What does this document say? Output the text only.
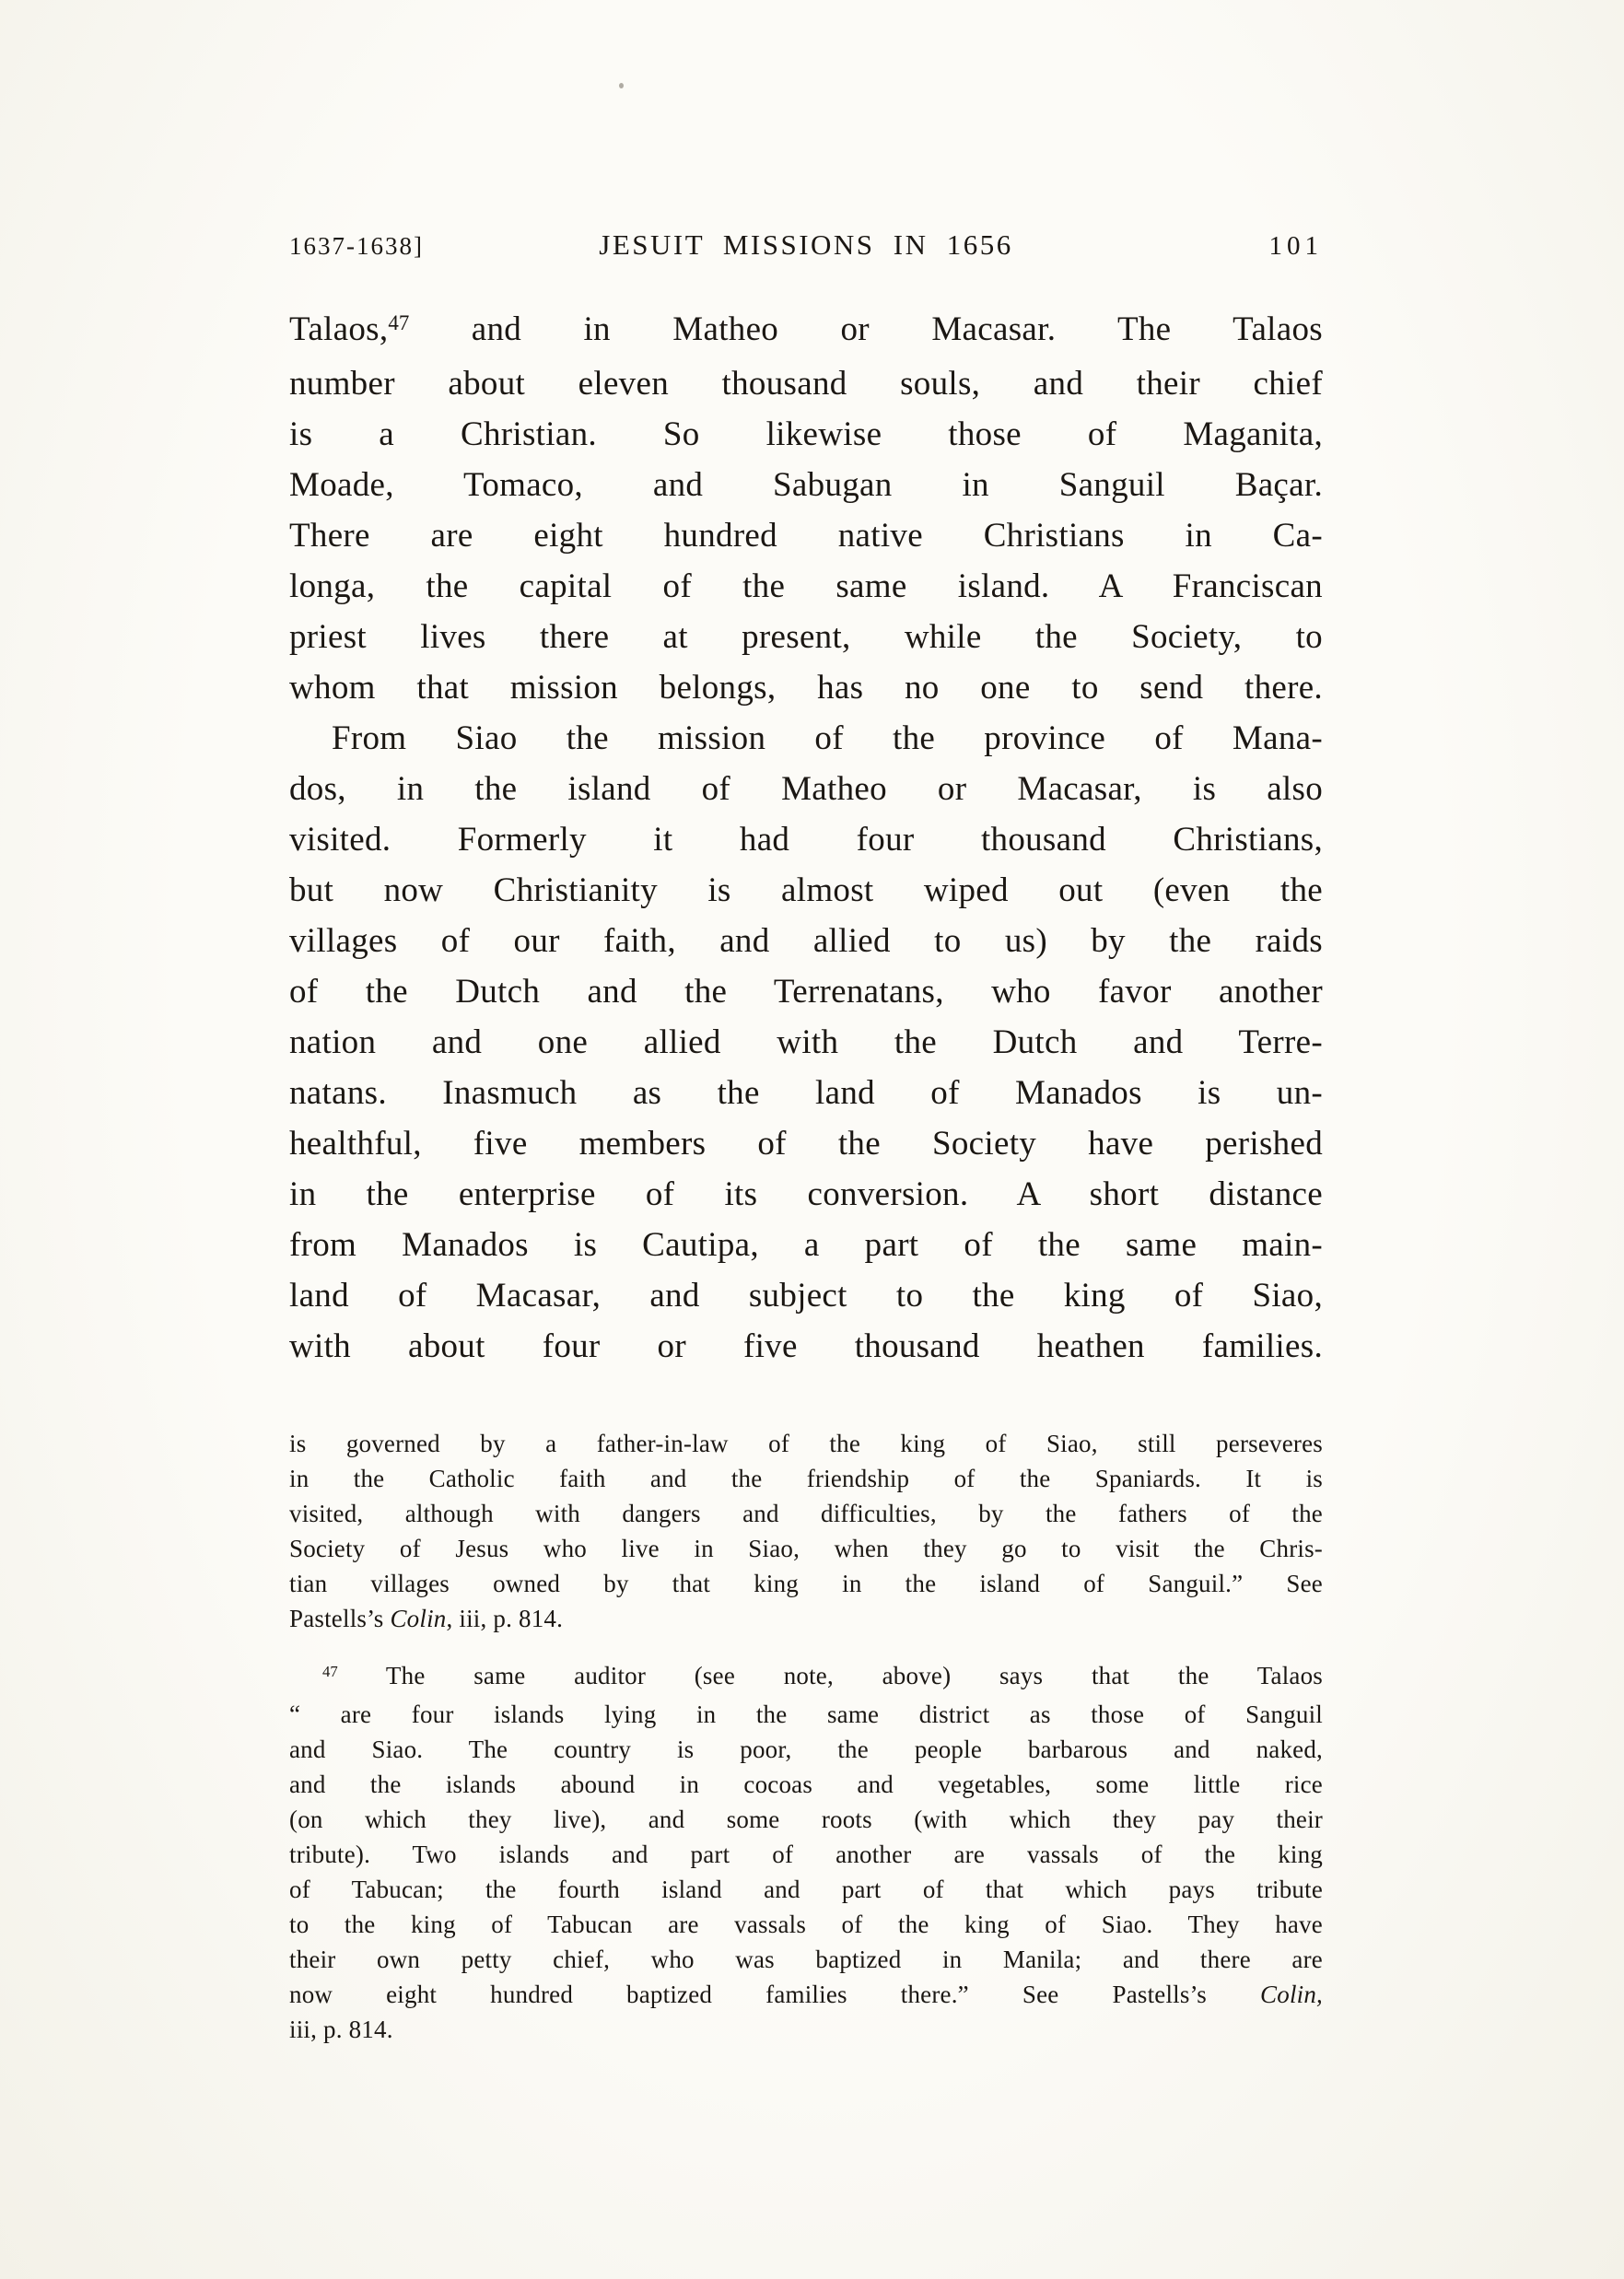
1637-1638]	JESUIT MISSIONS IN 1656	101
Talaos,$^{47}$ and in Matheo or Macasar. The Talaos
number about eleven thousand souls, and their chief
is a Christian. So likewise those of Maganita,
Moade, Tomaco, and Sabugan in Sanguil Baçar.
There are eight hundred native Christians in Ca-
longa, the capital of the same island. A Franciscan
priest lives there at present, while the Society, to
whom that mission belongs, has no one to send there.
From Siao the mission of the province of Mana-
dos, in the island of Matheo or Macasar, is also
visited. Formerly it had four thousand Christians,
but now Christianity is almost wiped out (even the
villages of our faith, and allied to us) by the raids
of the Dutch and the Terrenatans, who favor another
nation and one allied with the Dutch and Terre-
natans. Inasmuch as the land of Manados is un-
healthful, five members of the Society have perished
in the enterprise of its conversion. A short distance
from Manados is Cautipa, a part of the same main-
land of Macasar, and subject to the king of Siao,
with about four or five thousand heathen families.
is governed by a father-in-law of the king of Siao, still perseveres
in the Catholic faith and the friendship of the Spaniards. It is
visited, although with dangers and difficulties, by the fathers of the
Society of Jesus who live in Siao, when they go to visit the Chris-
tian villages owned by that king in the island of Sanguil.” See
Pastells’s Colin, iii, p. 814.
$^{47}$ The same auditor (see note, above) says that the Talaos
“ are four islands lying in the same district as those of Sanguil
and Siao. The country is poor, the people barbarous and naked,
and the islands abound in cocoas and vegetables, some little rice
(on which they live), and some roots (with which they pay their
tribute). Two islands and part of another are vassals of the king
of Tabucan; the fourth island and part of that which pays tribute
to the king of Tabucan are vassals of the king of Siao. They have
their own petty chief, who was baptized in Manila; and there are
now eight hundred baptized families there.” See Pastells’s Colin,
iii, p. 814.
